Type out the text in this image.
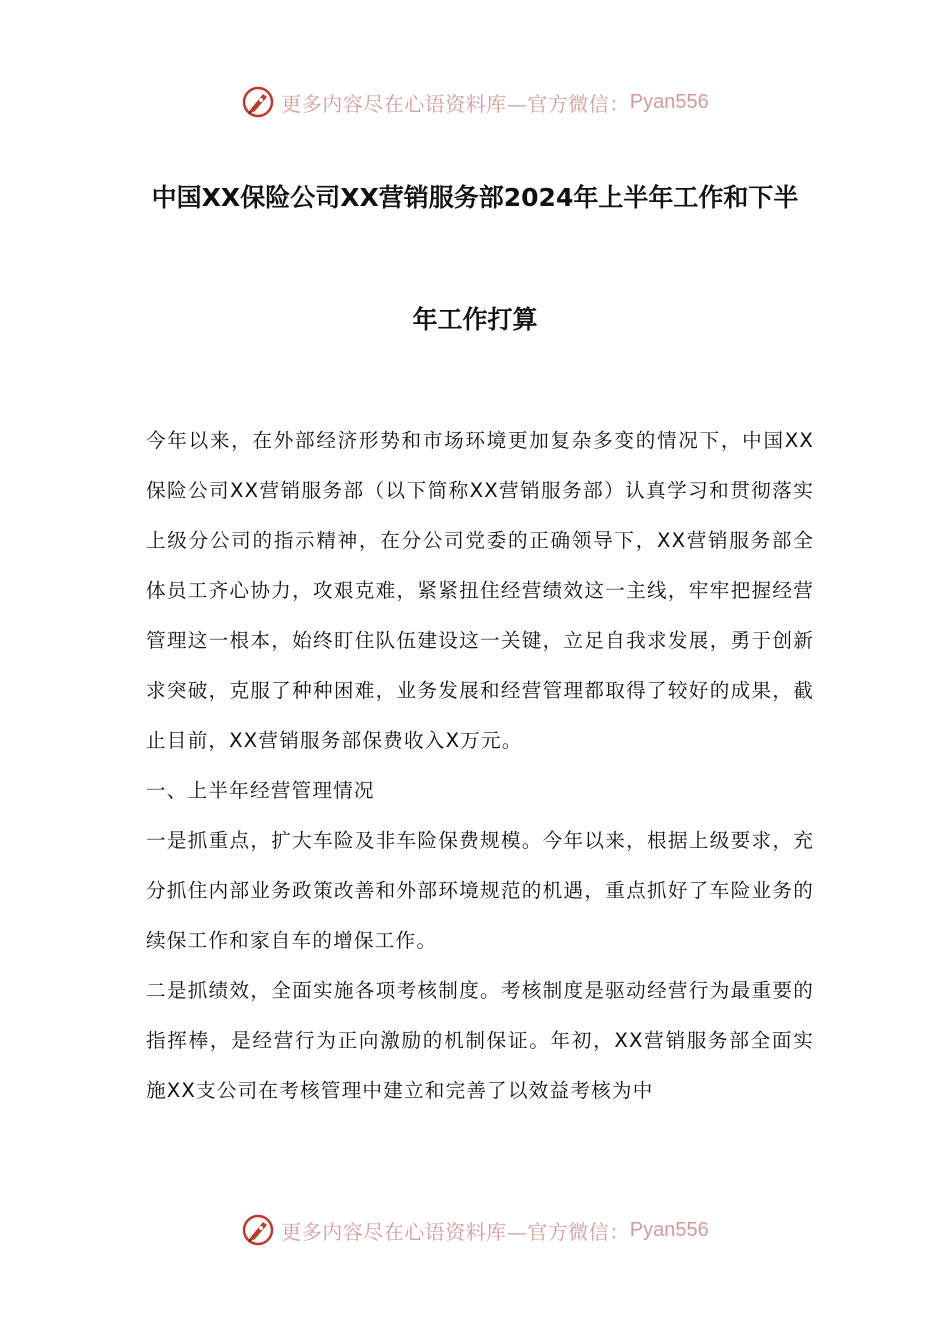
更多内容尽在心语资料库—官方微信： Pyan556
中国XX保险公司XX营销服务部2024年上半年工作和下半
年工作打算

今年以来，在外部经济形势和市场环境更加复杂多变的情况下，中国XX保险公司XX营销服务部（以下简称XX营销服务部）认真学习和贯彻落实上级分公司的指示精神，在分公司党委的正确领导下，XX营销服务部全体员工齐心协力，攻艰克难，紧紧扭住经营绩效这一主线，牢牢把握经营管理这一根本，始终盯住队伍建设这一关键，立足自我求发展，勇于创新求突破，克服了种种困难，业务发展和经营管理都取得了较好的成果，截止目前，XX营销服务部保费收入X万元。

一、上半年经营管理情况

一是抓重点，扩大车险及非车险保费规模。今年以来，根据上级要求，充分抓住内部业务政策改善和外部环境规范的机遇，重点抓好了车险业务的续保工作和家自车的增保工作。

二是抓绩效，全面实施各项考核制度。考核制度是驱动经营行为最重要的指挥棒，是经营行为正向激励的机制保证。年初，XX营销服务部全面实施XX支公司在考核管理中建立和完善了以效益考核为中

更多内容尽在心语资料库—官方微信： Pyan556
